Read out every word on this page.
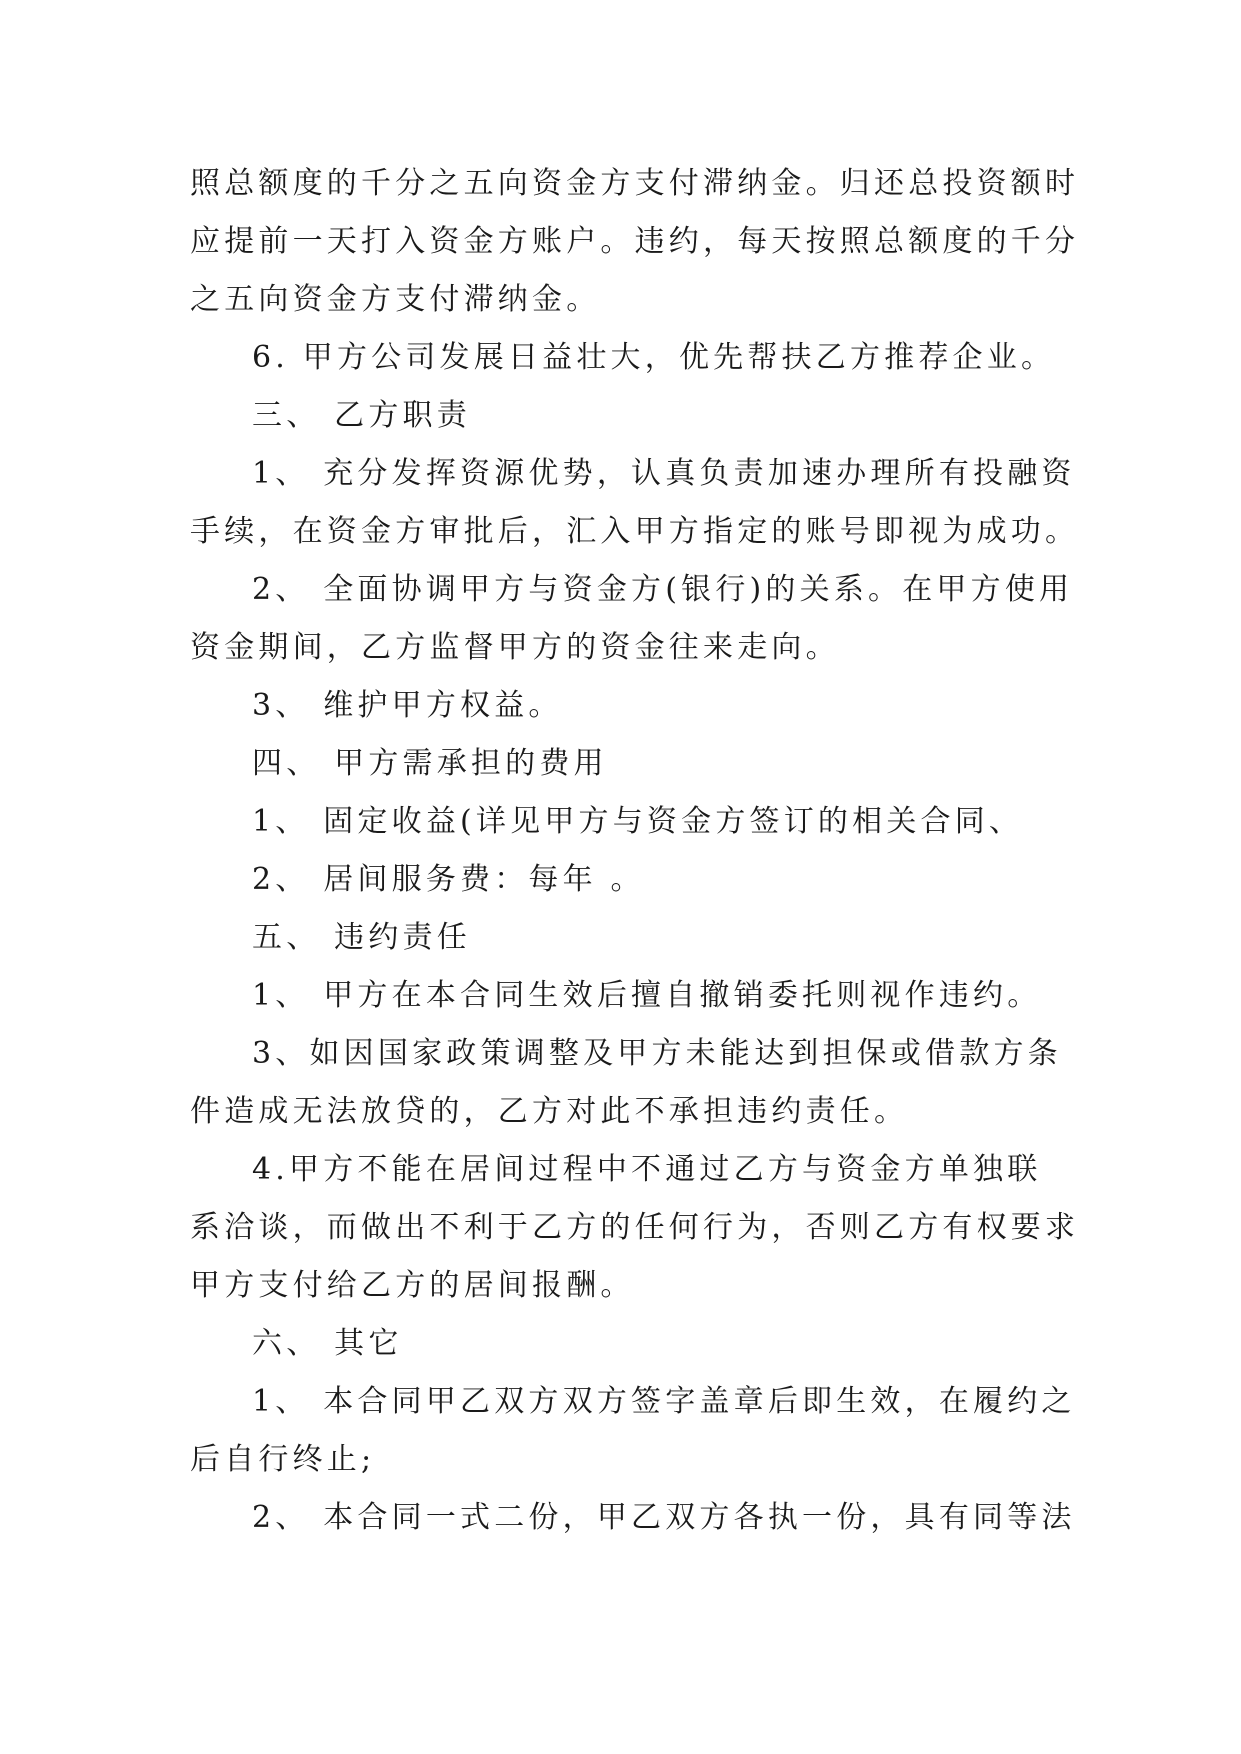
照总额度的千分之五向资金方支付滞纳金。归还总投资额时
应提前一天打入资金方账户。违约，每天按照总额度的千分
之五向资金方支付滞纳金。
6. 甲方公司发展日益壮大，优先帮扶乙方推荐企业。
三、 乙方职责
1、 充分发挥资源优势，认真负责加速办理所有投融资
手续，在资金方审批后，汇入甲方指定的账号即视为成功。
2、 全面协调甲方与资金方(银行)的关系。在甲方使用
资金期间，乙方监督甲方的资金往来走向。
3、 维护甲方权益。
四、 甲方需承担的费用
1、 固定收益(详见甲方与资金方签订的相关合同、
2、 居间服务费：每年 。
五、 违约责任
1、 甲方在本合同生效后擅自撤销委托则视作违约。
3、如因国家政策调整及甲方未能达到担保或借款方条
件造成无法放贷的，乙方对此不承担违约责任。
4.甲方不能在居间过程中不通过乙方与资金方单独联
系洽谈，而做出不利于乙方的任何行为，否则乙方有权要求
甲方支付给乙方的居间报酬。
六、 其它
1、 本合同甲乙双方双方签字盖章后即生效，在履约之
后自行终止;
2、 本合同一式二份，甲乙双方各执一份，具有同等法
